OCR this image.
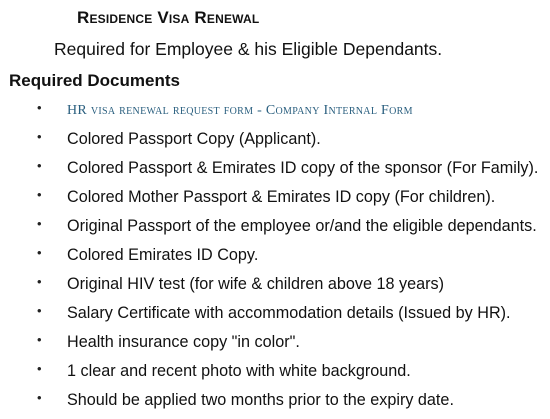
Residence Visa Renewal
Required for Employee & his Eligible Dependants.
Required Documents
• HR visa renewal request form - Company Internal Form
• Colored Passport Copy (Applicant).
• Colored Passport & Emirates ID copy of the sponsor (For Family).
• Colored Mother Passport & Emirates ID copy (For children).
• Original Passport of the employee or/and the eligible dependants.
• Colored Emirates ID Copy.
• Original HIV test (for wife & children above 18 years)
• Salary Certificate with accommodation details (Issued by HR).
• Health insurance copy "in color".
• 1 clear and recent photo with white background.
• Should be applied two months prior to the expiry date.
